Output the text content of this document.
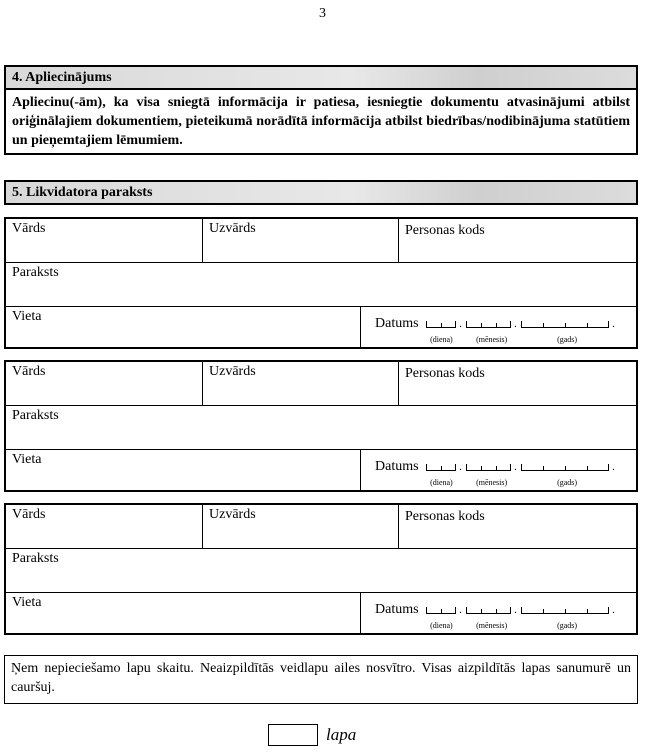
3
4. Apliecinājums
Apliecinu(-ām), ka visa sniegtā informācija ir patiesa, iesniegtie dokumentu atvasinājumi atbilst oriģinālajiem dokumentiem, pieteikumā norādītā informācija atbilst biedrības/nodibinājuma statūtiem un pieņemtajiem lēmumiem.
5. Likvidatora paraksts
Vārds	Uzvārds	Personas kods
Paraksts
Vieta	Datums	.	.	.
(diena)	(mēnesis)	(gads)
Vārds	Uzvārds	Personas kods
Paraksts
Vieta	Datums	.	.	.
(diena)	(mēnesis)	(gads)
Vārds	Uzvārds	Personas kods
Paraksts
Vieta	Datums	.	.	.
(diena)	(mēnesis)	(gads)
Ņem nepieciešamo lapu skaitu. Neaizpildītās veidlapu ailes nosvītro. Visas aizpildītās lapas sanumurē un cauršuj.
lapa
